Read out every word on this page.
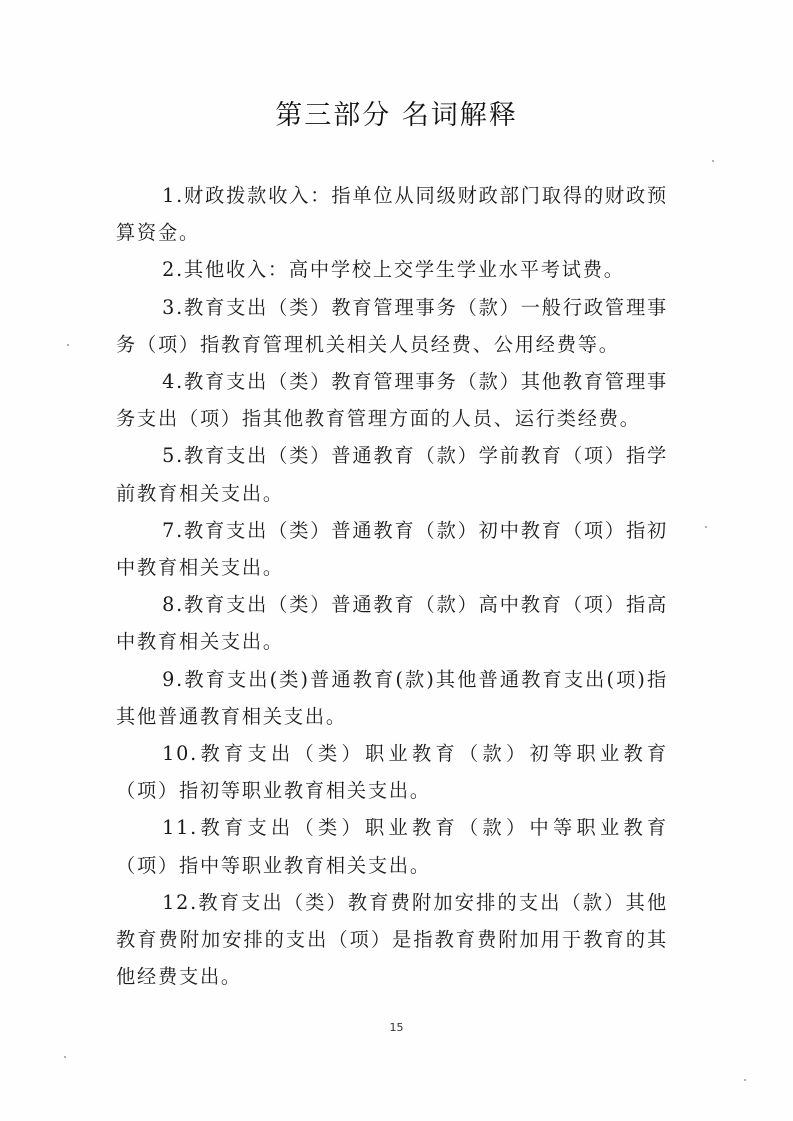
第三部分 名词解释

1.财政拨款收入：指单位从同级财政部门取得的财政预算资金。

2.其他收入：高中学校上交学生学业水平考试费。

3.教育支出（类）教育管理事务（款）一般行政管理事务（项）指教育管理机关相关人员经费、公用经费等。

4.教育支出（类）教育管理事务（款）其他教育管理事务支出（项）指其他教育管理方面的人员、运行类经费。

5.教育支出（类）普通教育（款）学前教育（项）指学前教育相关支出。

7.教育支出（类）普通教育（款）初中教育（项）指初中教育相关支出。

8.教育支出（类）普通教育（款）高中教育（项）指高中教育相关支出。

9.教育支出(类)普通教育(款)其他普通教育支出(项)指其他普通教育相关支出。

10.教育支出（类）职业教育（款）初等职业教育（项）指初等职业教育相关支出。

11.教育支出（类）职业教育（款）中等职业教育（项）指中等职业教育相关支出。

12.教育支出（类）教育费附加安排的支出（款）其他教育费附加安排的支出（项）是指教育费附加用于教育的其他经费支出。

15
